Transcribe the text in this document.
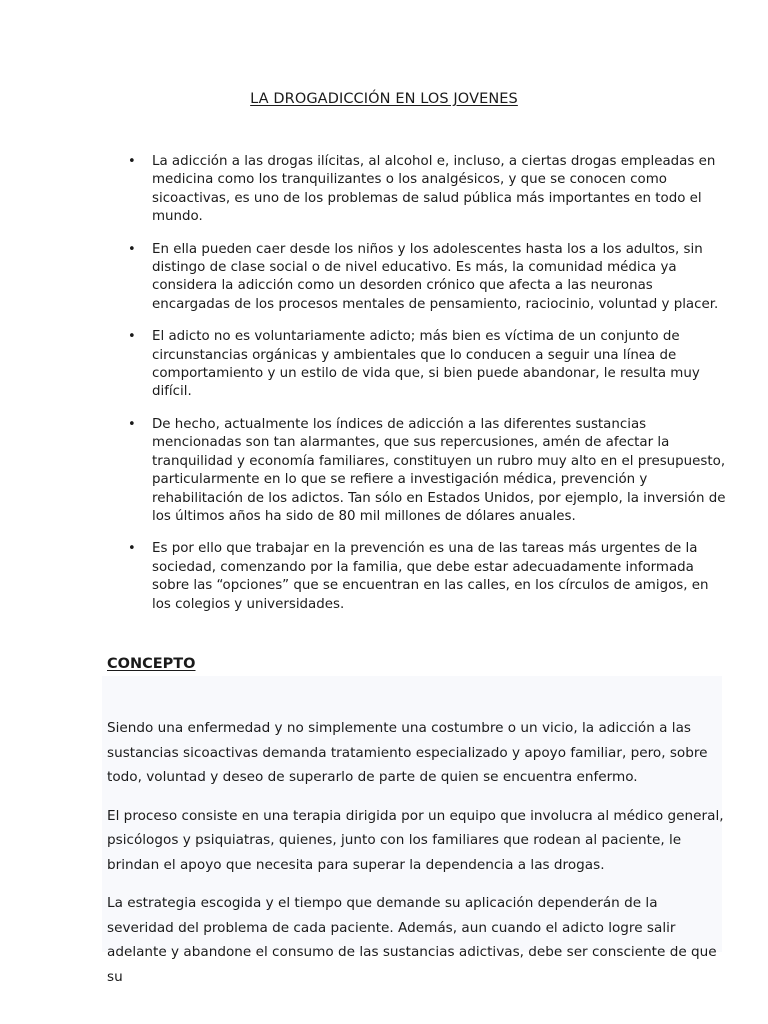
LA DROGADICCIÓN EN LOS JOVENES
• La adicción a las drogas ilícitas, al alcohol e, incluso, a ciertas drogas empleadas en medicina como los tranquilizantes o los analgésicos, y que se conocen como sicoactivas, es uno de los problemas de salud pública más importantes en todo el mundo.
• En ella pueden caer desde los niños y los adolescentes hasta los a los adultos, sin distingo de clase social o de nivel educativo. Es más, la comunidad médica ya considera la adicción como un desorden crónico que afecta a las neuronas encargadas de los procesos mentales de pensamiento, raciocinio, voluntad y placer.
• El adicto no es voluntariamente adicto; más bien es víctima de un conjunto de circunstancias orgánicas y ambientales que lo conducen a seguir una línea de comportamiento y un estilo de vida que, si bien puede abandonar, le resulta muy difícil.
• De hecho, actualmente los índices de adicción a las diferentes sustancias mencionadas son tan alarmantes, que sus repercusiones, amén de afectar la tranquilidad y economía familiares, constituyen un rubro muy alto en el presupuesto, particularmente en lo que se refiere a investigación médica, prevención y rehabilitación de los adictos. Tan sólo en Estados Unidos, por ejemplo, la inversión de los últimos años ha sido de 80 mil millones de dólares anuales.
• Es por ello que trabajar en la prevención es una de las tareas más urgentes de la sociedad, comenzando por la familia, que debe estar adecuadamente informada sobre las “opciones” que se encuentran en las calles, en los círculos de amigos, en los colegios y universidades.
CONCEPTO

Siendo una enfermedad y no simplemente una costumbre o un vicio, la adicción a las sustancias sicoactivas demanda tratamiento especializado y apoyo familiar, pero, sobre todo, voluntad y deseo de superarlo de parte de quien se encuentra enfermo.

El proceso consiste en una terapia dirigida por un equipo que involucra al médico general, psicólogos y psiquiatras, quienes, junto con los familiares que rodean al paciente, le brindan el apoyo que necesita para superar la dependencia a las drogas.

La estrategia escogida y el tiempo que demande su aplicación dependerán de la severidad del problema de cada paciente. Además, aun cuando el adicto logre salir adelante y abandone el consumo de las sustancias adictivas, debe ser consciente de que su
